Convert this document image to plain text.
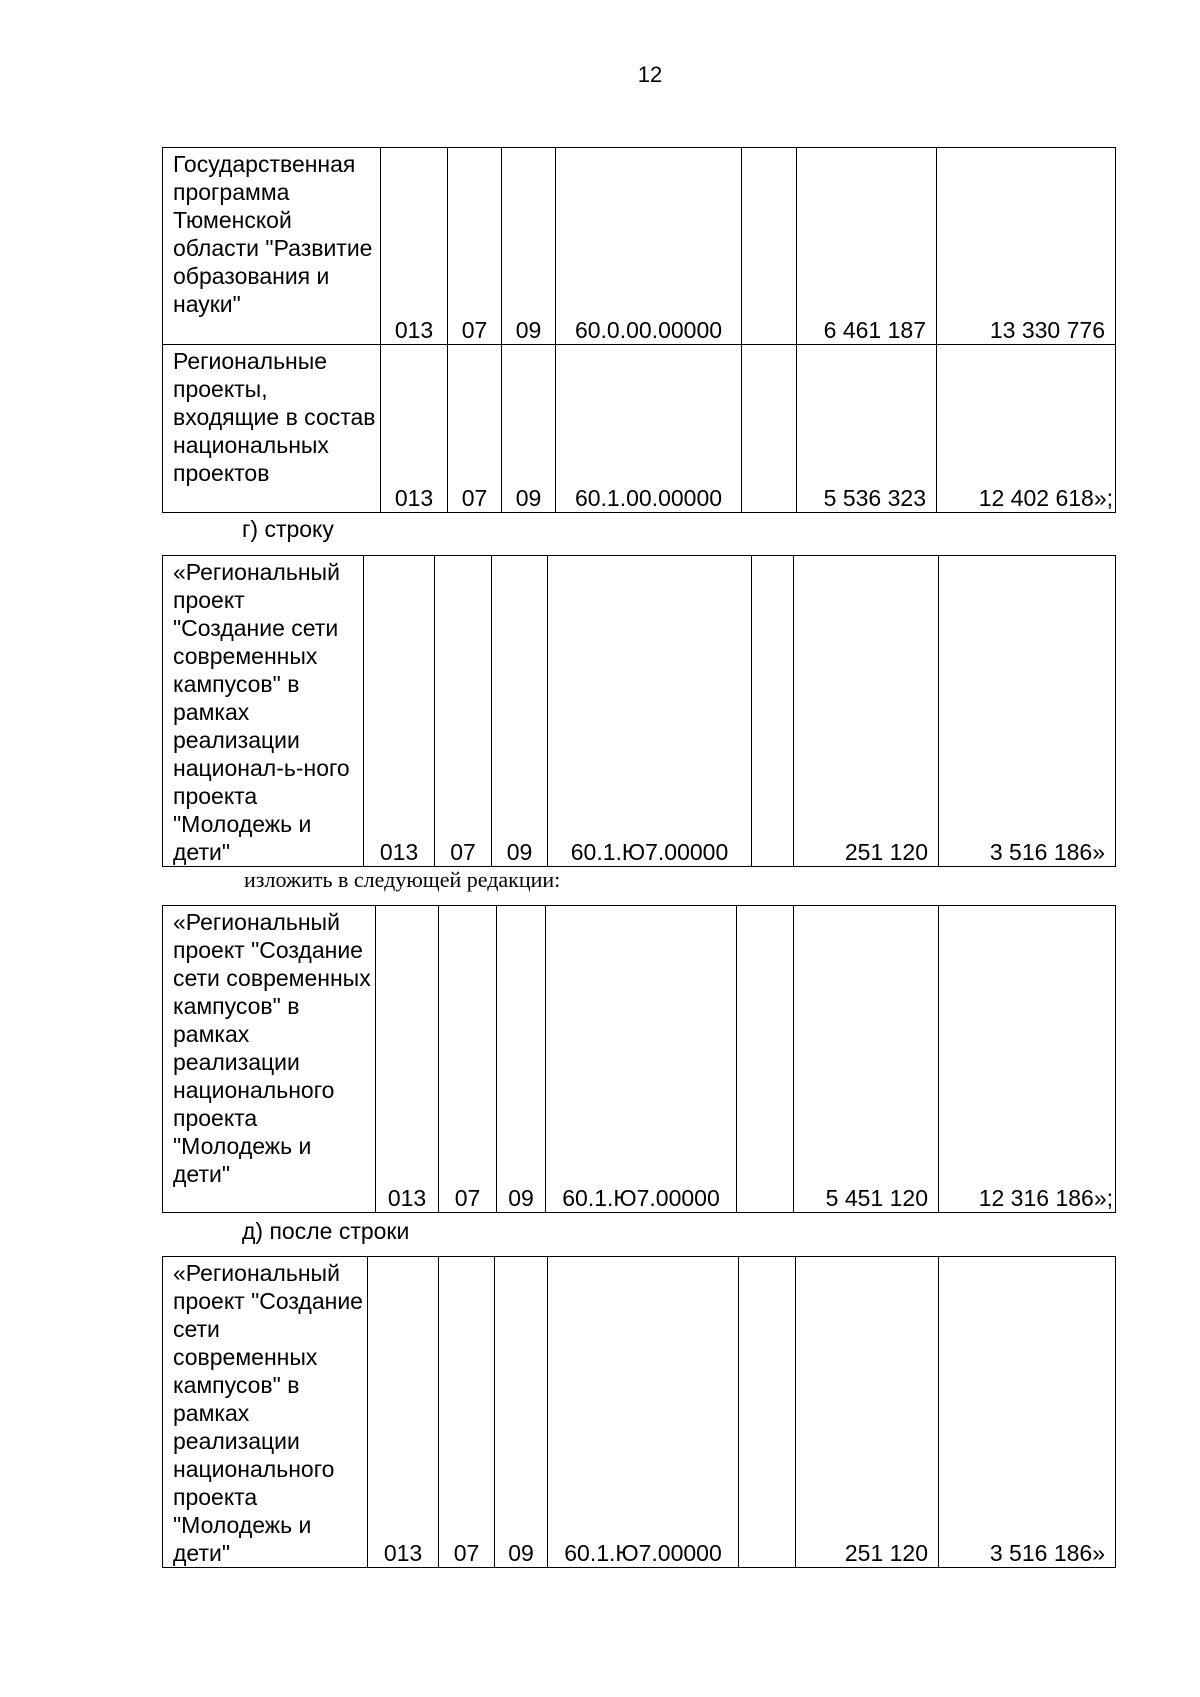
12
Государственная программа Тюменской области "Развитие образования и науки"	013	07	09	60.0.00.00000		6 461 187	13 330 776
Региональные проекты, входящие в состав национальных проектов	013	07	09	60.1.00.00000		5 536 323	12 402 618»;
г) строку
«Региональный проект "Создание сети современных кампусов" в рамках реализации национал-ь-ного проекта "Молодежь и дети"	013	07	09	60.1.Ю7.00000		251 120	3 516 186»
изложить в следующей редакции:
«Региональный проект "Создание сети современных кампусов" в рамках реализации национального проекта "Молодежь и дети"	013	07	09	60.1.Ю7.00000		5 451 120	12 316 186»;
д) после строки
«Региональный проект "Создание сети современных кампусов" в рамках реализации национального проекта "Молодежь и дети"	013	07	09	60.1.Ю7.00000		251 120	3 516 186»
